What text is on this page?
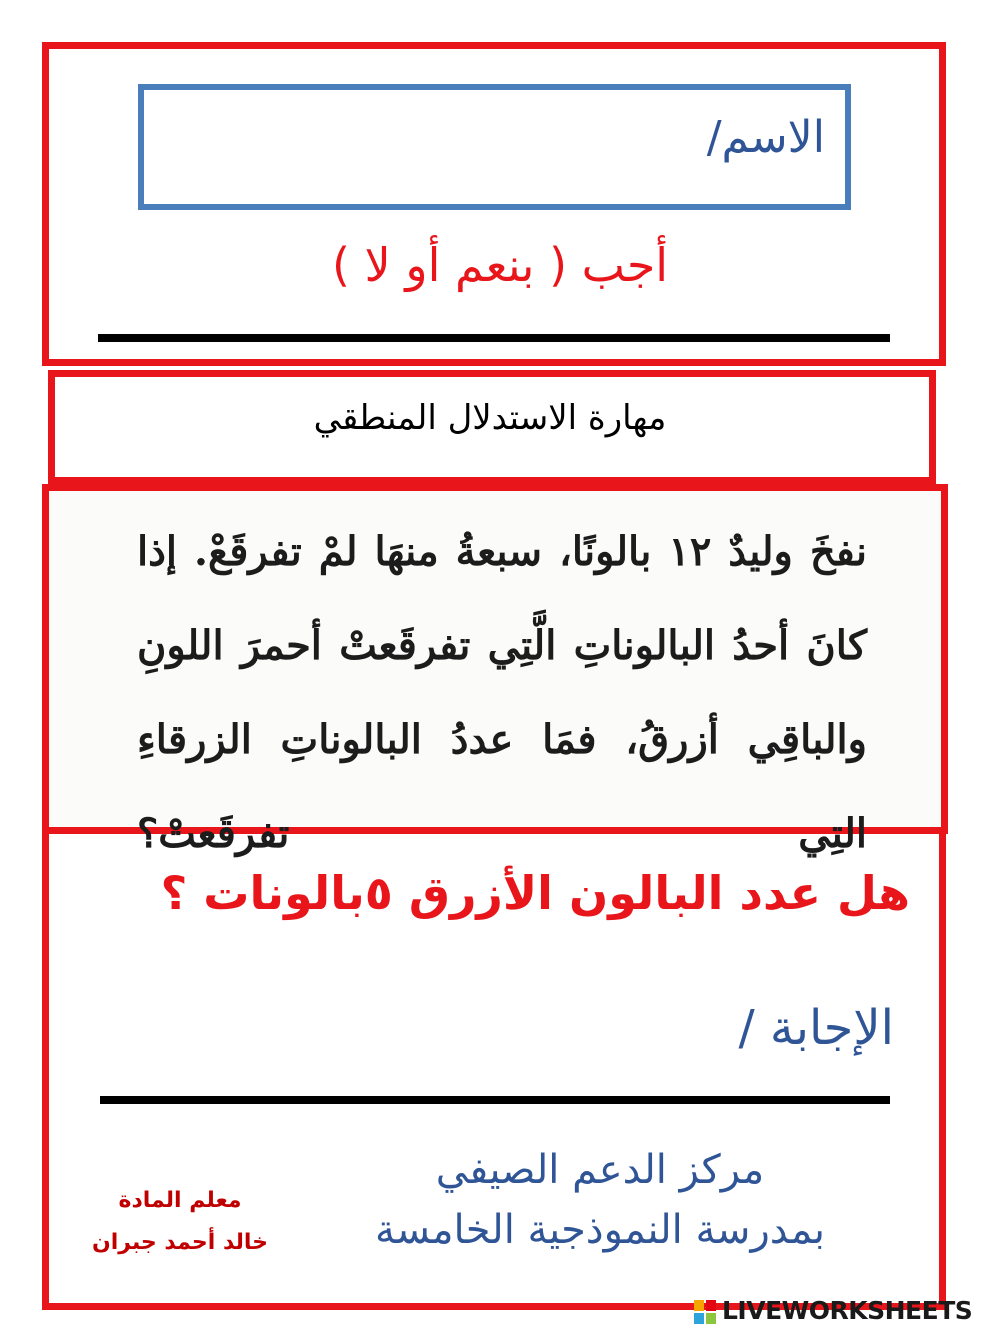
الاسم/
أجب ( بنعم أو لا )
مهارة الاستدلال المنطقي
نفخَ وليدٌ ١٢ بالونًا، سبعةُ منهَا لمْ تفرقَعْ. إذا كانَ أحدُ البالوناتِ الَّتِي تفرقَعتْ أحمرَ اللونِ والباقِي أزرقُ، فمَا عددُ البالوناتِ الزرقاءِ التِي تفرقَعتْ؟
هل عدد البالون الأزرق ٥بالونات ؟
الإجابة /
مركز الدعم الصيفي
بمدرسة النموذجية الخامسة
معلم المادة
خالد أحمد جبران
LIVEWORKSHEETS
